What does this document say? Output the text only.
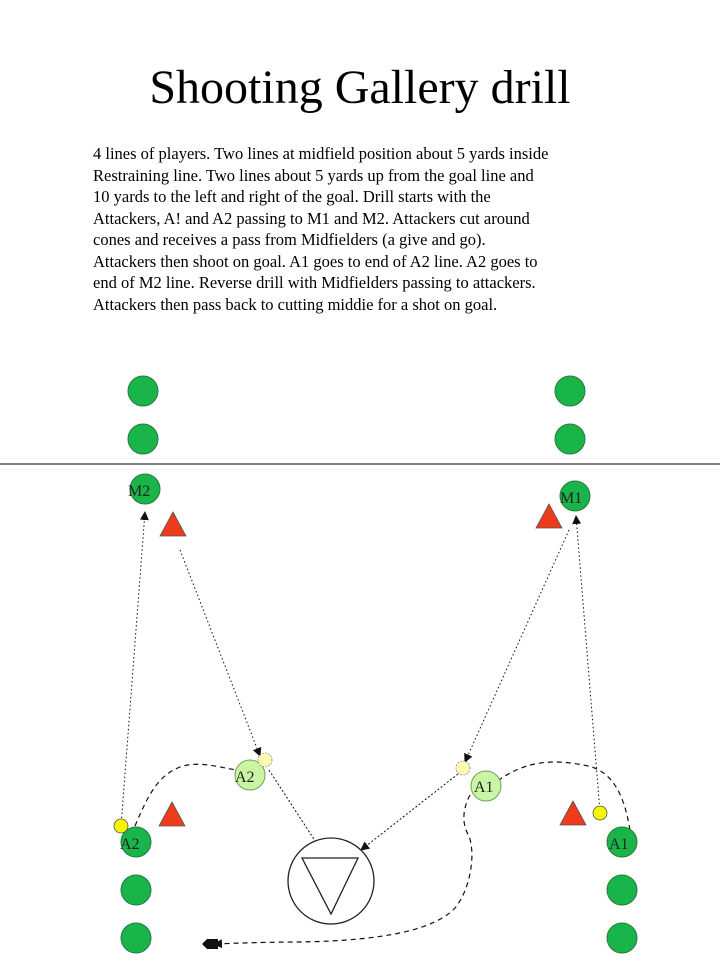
Shooting Gallery drill
4 lines of players. Two lines at midfield position about 5 yards inside
Restraining line. Two lines about 5 yards up from the goal line and
10 yards to the left and right of the goal. Drill starts with the
Attackers, A! and A2 passing to M1 and M2. Attackers cut around
cones and receives a pass from Midfielders (a give and go).
Attackers then shoot on goal. A1 goes to end of A2 line. A2 goes to
end of M2 line. Reverse drill with Midfielders passing to attackers.
Attackers then pass back to cutting middie for a shot on goal.
M2	M1
A2	A1
A2
A1
